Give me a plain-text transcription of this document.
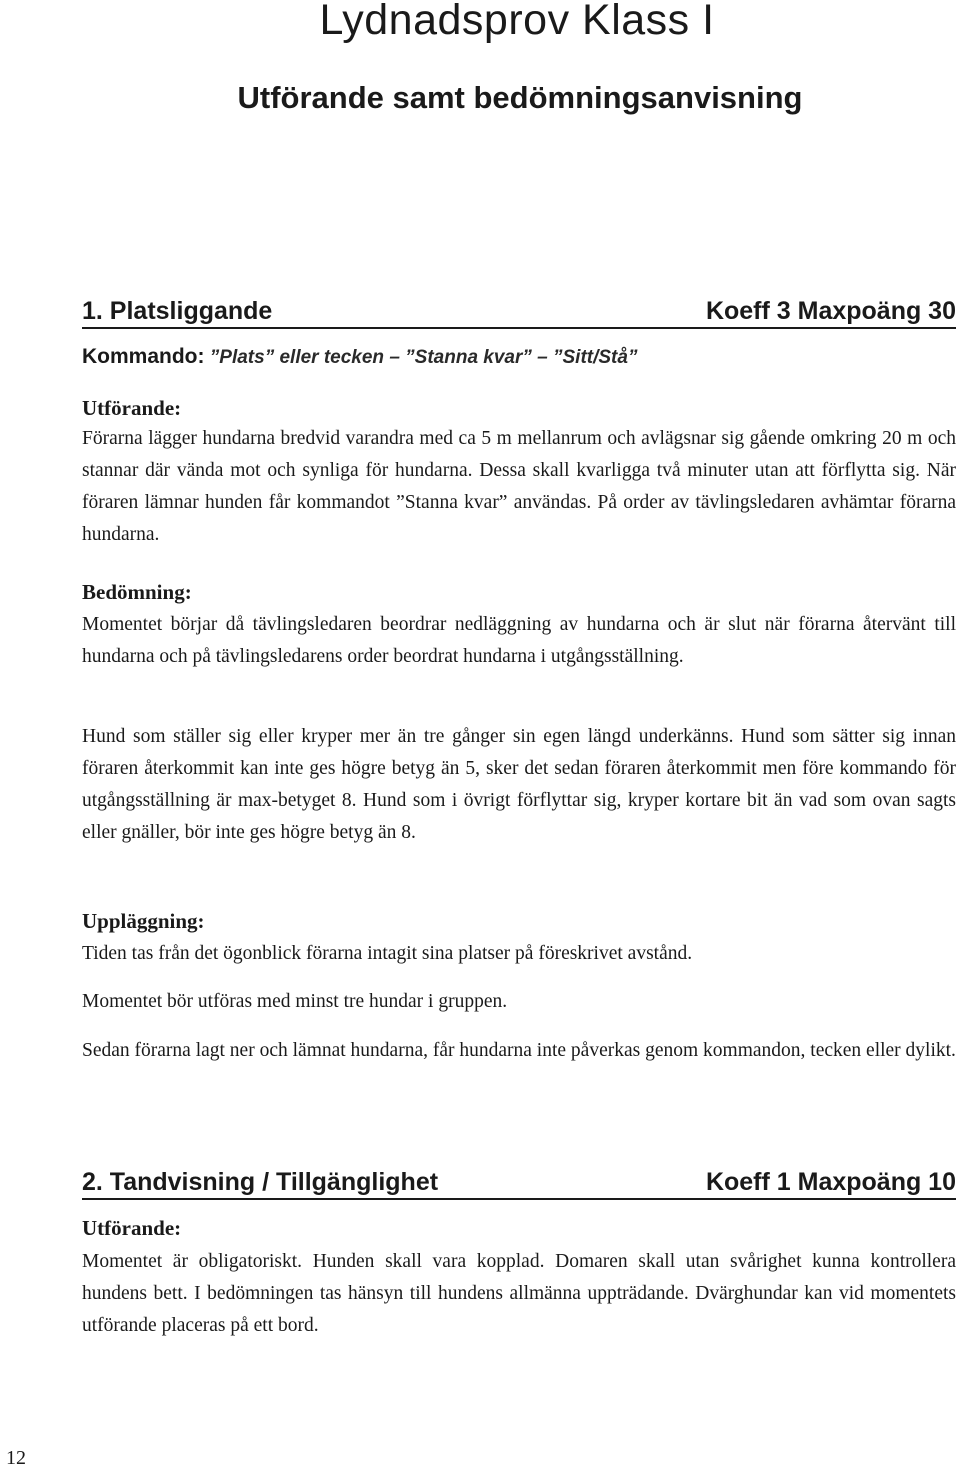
Lydnadsprov Klass I
Utförande samt bedömningsanvisning
1. Platsliggande	Koeff 3 Maxpoäng 30
Kommando: ”Plats” eller tecken – ”Stanna kvar” – ”Sitt/Stå”

Utförande:

Förarna lägger hundarna bredvid varandra med ca 5 m mellanrum och avlägsnar sig gående omkring 20 m och stannar där vända mot och synliga för hundarna. Dessa skall kvarligga två minuter utan att förflytta sig. När föraren lämnar hunden får kommandot ”Stanna kvar” användas. På order av tävlingsledaren avhämtar förarna hundarna.

Bedömning:

Momentet börjar då tävlingsledaren beordrar nedläggning av hundarna och är slut när förarna återvänt till hundarna och på tävlingsledarens order beordrat hundarna i utgångsställning.

Hund som ställer sig eller kryper mer än tre gånger sin egen längd underkänns. Hund som sätter sig innan föraren återkommit kan inte ges högre betyg än 5, sker det sedan föraren återkommit men före kommando för utgångsställning är max-betyget 8. Hund som i övrigt förflyttar sig, kryper kortare bit än vad som ovan sagts eller gnäller, bör inte ges högre betyg än 8.

Uppläggning:

Tiden tas från det ögonblick förarna intagit sina platser på föreskrivet avstånd.

Momentet bör utföras med minst tre hundar i gruppen.

Sedan förarna lagt ner och lämnat hundarna, får hundarna inte påverkas genom kommandon, tecken eller dylikt.

2. Tandvisning / Tillgänglighet	Koeff 1 Maxpoäng 10

Utförande:

Momentet är obligatoriskt. Hunden skall vara kopplad. Domaren skall utan svårighet kunna kontrollera hundens bett. I bedömningen tas hänsyn till hundens allmänna uppträdande. Dvärghundar kan vid momentets utförande placeras på ett bord.

12
